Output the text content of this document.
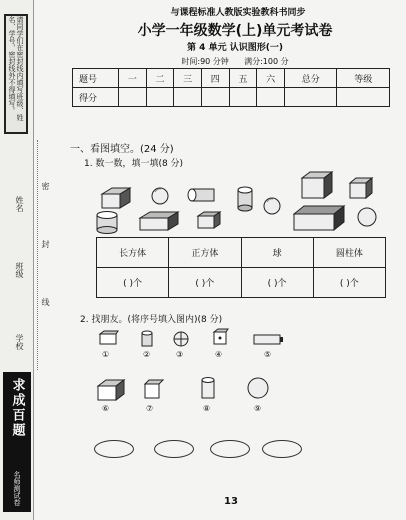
请同学们在密封线内填写班级、姓名、学号，密封线外不得填写。
姓名
班级
学校
求成百题
名师测试卷
密
封
线
与课程标准人教版实验教科书同步
小学一年级数学(上)单元考试卷
第 4 单元 认识图形(一)
时间:90 分钟 满分:100 分
题号	一	二	三	四	五	六	总分	等级
得分								
一、看图填空。(24 分)
1. 数一数，填一填(8 分)
长方体	正方体	球	圆柱体
( )个	( )个	( )个	( )个
2. 找朋友。(将序号填入图内)(8 分)
①	②	③	④	⑤
⑥	⑦	⑧	⑨
13
